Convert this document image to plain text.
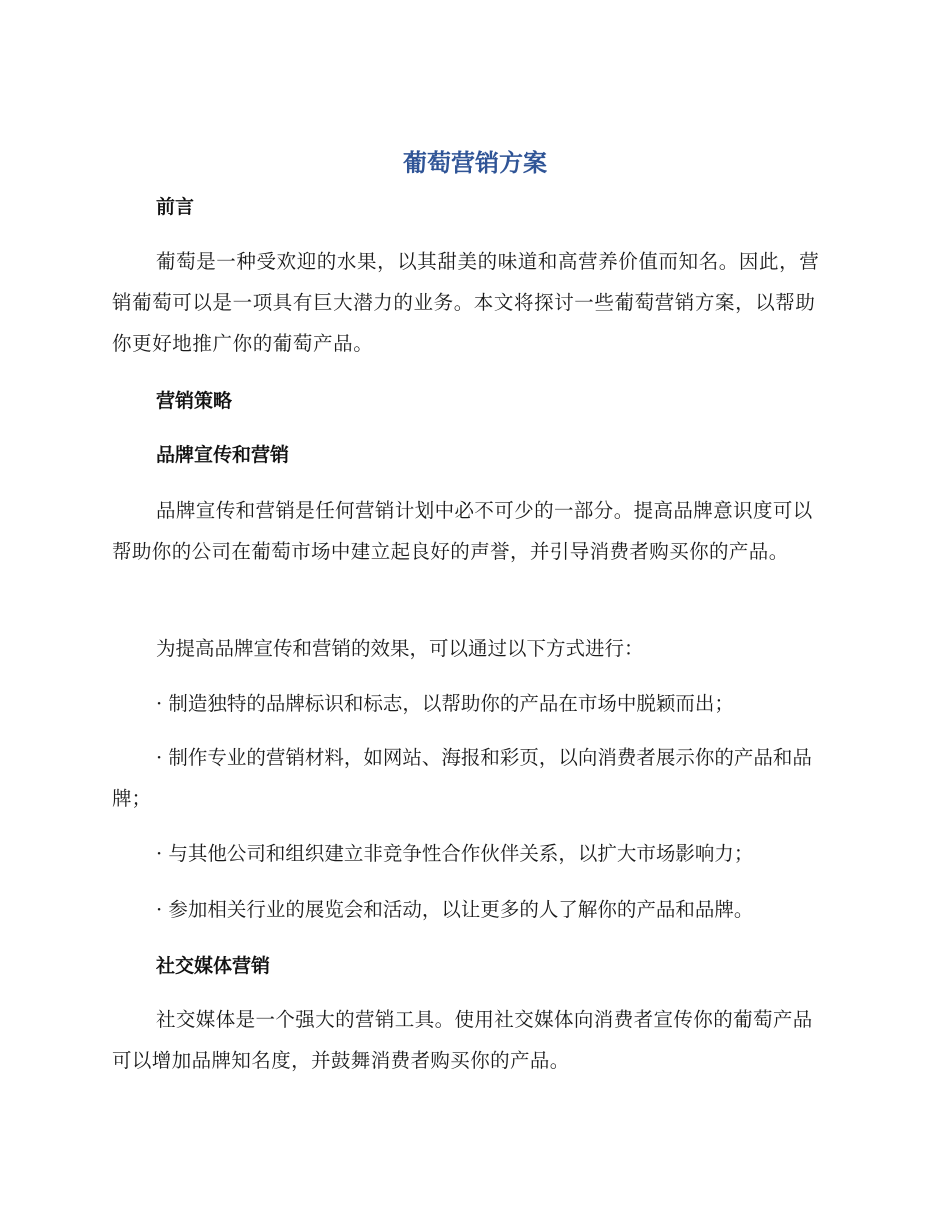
葡萄营销方案
前言

葡萄是一种受欢迎的水果，以其甜美的味道和高营养价值而知名。因此，营销葡萄可以是一项具有巨大潜力的业务。本文将探讨一些葡萄营销方案，以帮助你更好地推广你的葡萄产品。

营销策略
品牌宣传和营销

品牌宣传和营销是任何营销计划中必不可少的一部分。提高品牌意识度可以帮助你的公司在葡萄市场中建立起良好的声誉，并引导消费者购买你的产品。

为提高品牌宣传和营销的效果，可以通过以下方式进行：

· 制造独特的品牌标识和标志，以帮助你的产品在市场中脱颖而出；

· 制作专业的营销材料，如网站、海报和彩页，以向消费者展示你的产品和品牌；

· 与其他公司和组织建立非竞争性合作伙伴关系，以扩大市场影响力；

· 参加相关行业的展览会和活动，以让更多的人了解你的产品和品牌。

社交媒体营销

社交媒体是一个强大的营销工具。使用社交媒体向消费者宣传你的葡萄产品可以增加品牌知名度，并鼓舞消费者购买你的产品。
